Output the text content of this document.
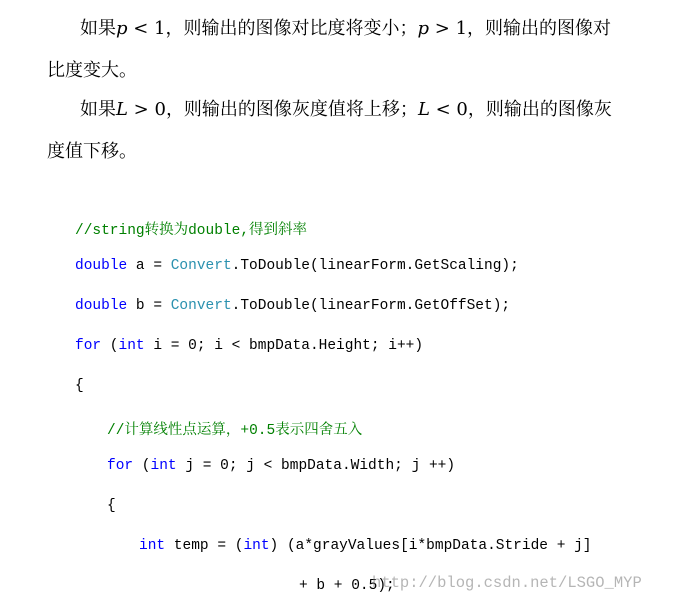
如果p < 1，则输出的图像对比度将变小；p > 1，则输出的图像对
比度变大。
如果L > 0，则输出的图像灰度值将上移；L < 0，则输出的图像灰
度值下移。
//string转换为double,得到斜率
double a = Convert.ToDouble(linearForm.GetScaling);
double b = Convert.ToDouble(linearForm.GetOffSet);
for (int i = 0; i < bmpData.Height; i++)
{
//计算线性点运算，+0.5表示四舍五入
for (int j = 0; j < bmpData.Width; j ++)
{
int temp = (int) (a*grayValues[i*bmpData.Stride + j]
+ b + 0.5);
http://blog.csdn.net/LSGO_MYP
